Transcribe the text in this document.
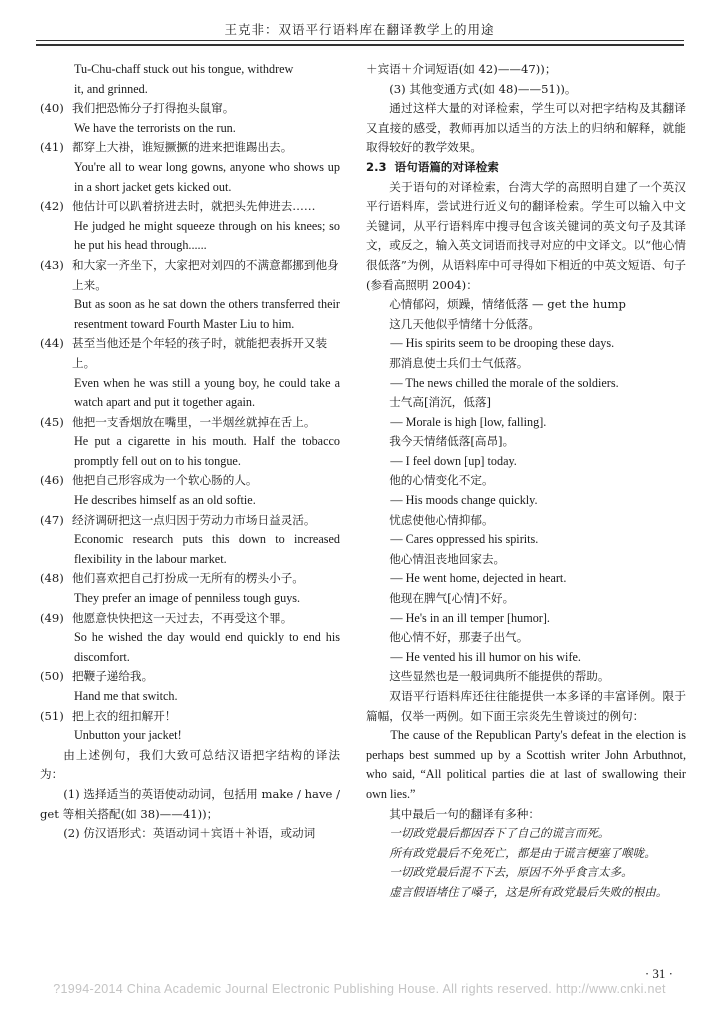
王克非：双语平行语料库在翻译教学上的用途

Tu-Chu-chaff stuck out his tongue, withdrew

it, and grinned.

(40) 我们把恐怖分子打得抱头鼠窜。

We have the terrorists on the run.

(41) 都穿上大褂，谁短撅撅的进来把谁踢出去。

You're all to wear long gowns, anyone who shows up in a short jacket gets kicked out.

(42) 他估计可以趴着挤进去时，就把头先伸进去……

He judged he might squeeze through on his knees; so he put his head through......

(43) 和大家一齐坐下，大家把对刘四的不满意都挪到他身上来。

But as soon as he sat down the others transferred their resentment toward Fourth Master Liu to him.

(44) 甚至当他还是个年轻的孩子时，就能把表拆开又装上。

Even when he was still a young boy, he could take a watch apart and put it together again.

(45) 他把一支香烟放在嘴里，一半烟丝就掉在舌上。

He put a cigarette in his mouth. Half the tobacco promptly fell out on to his tongue.

(46) 他把自己形容成为一个软心肠的人。

He describes himself as an old softie.

(47) 经济调研把这一点归因于劳动力市场日益灵活。

Economic research puts this down to increased flexibility in the labour market.

(48) 他们喜欢把自己打扮成一无所有的楞头小子。

They prefer an image of penniless tough guys.

(49) 他愿意快快把这一天过去，不再受这个罪。

So he wished the day would end quickly to end his discomfort.

(50) 把鞭子递给我。

Hand me that switch.

(51) 把上衣的纽扣解开！

Unbutton your jacket!

由上述例句，我们大致可总结汉语把字结构的译法为：

(1) 选择适当的英语使动动词，包括用 make / have / get 等相关搭配(如 38)——41))；

(2) 仿汉语形式：英语动词＋宾语＋补语，或动词

＋宾语＋介词短语(如 42)——47))；

(3) 其他变通方式(如 48)——51))。

通过这样大量的对译检索，学生可以对把字结构及其翻译又直接的感受，教师再加以适当的方法上的归纳和解释，就能取得较好的教学效果。

2.3 语句语篇的对译检索

关于语句的对译检索，台湾大学的高照明自建了一个英汉平行语料库，尝试进行近义句的翻译检索。学生可以输入中文关键词，从平行语料库中搜寻包含该关键词的英文句子及其译文，或反之，输入英文词语而找寻对应的中文译文。以“他心情很低落”为例，从语料库中可寻得如下相近的中英文短语、句子(参看高照明 2004)：

心情郁闷，烦躁，情绪低落 — get the hump

这几天他似乎情绪十分低落。

— His spirits seem to be drooping these days.

那消息使士兵们士气低落。

— The news chilled the morale of the soldiers.

士气高[消沉，低落]

— Morale is high [low, falling].

我今天情绪低落[高昂]。

— I feel down [up] today.

他的心情变化不定。

— His moods change quickly.

忧虑使他心情抑郁。

— Cares oppressed his spirits.

他心情沮丧地回家去。

— He went home, dejected in heart.

他现在脾气[心情]不好。

— He's in an ill temper [humor].

他心情不好，那妻子出气。

— He vented his ill humor on his wife.

这些显然也是一般词典所不能提供的帮助。

双语平行语料库还往往能提供一本多译的丰富译例。限于篇幅，仅举一两例。如下面王宗炎先生曾谈过的例句：

The cause of the Republican Party's defeat in the election is perhaps best summed up by a Scottish writer John Arbuthnot, who said, “All political parties die at last of swallowing their own lies.”

其中最后一句的翻译有多种：

一切政党最后都因吞下了自己的谎言而死。

所有政党最后不免死亡，都是由于谎言梗塞了喉咙。

一切政党最后混不下去，原因不外乎食言太多。

虚言假语堵住了嗓子，这是所有政党最后失败的根由。

· 31 ·
?1994-2014 China Academic Journal Electronic Publishing House. All rights reserved. http://www.cnki.net
